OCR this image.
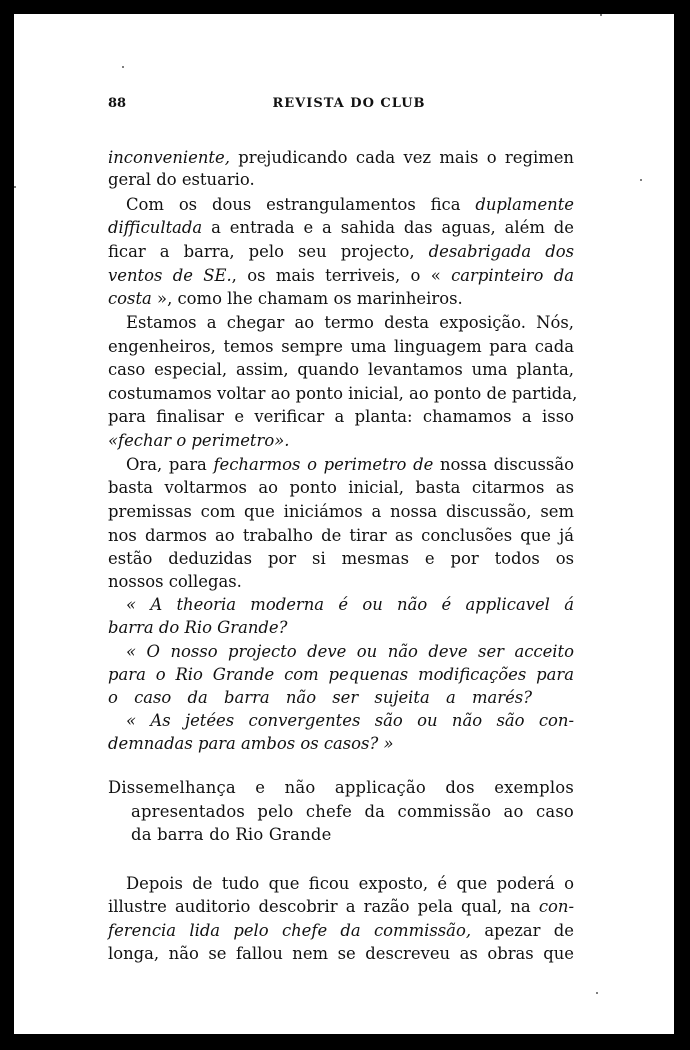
88	REVISTA DO CLUB
inconveniente, prejudicando cada vez mais o regimen
geral do estuario.
Com os dous estrangulamentos fica duplamente
difficultada a entrada e a sahida das aguas, além de
ficar a barra, pelo seu projecto, desabrigada dos
ventos de SE., os mais terriveis, o « carpinteiro da
costa », como lhe chamam os marinheiros.
Estamos a chegar ao termo desta exposição. Nós,
engenheiros, temos sempre uma linguagem para cada
caso especial, assim, quando levantamos uma planta,
costumamos voltar ao ponto inicial, ao ponto de partida,
para finalisar e verificar a planta: chamamos a isso
«fechar o perimetro».
Ora, para fecharmos o perimetro de nossa discussão
basta voltarmos ao ponto inicial, basta citarmos as
premissas com que iniciámos a nossa discussão, sem
nos darmos ao trabalho de tirar as conclusões que já
estão deduzidas por si mesmas e por todos os
nossos collegas.
« A theoria moderna é ou não é applicavel á
barra do Rio Grande?
« O nosso projecto deve ou não deve ser acceito
para o Rio Grande com pequenas modificações para
o caso da barra não ser sujeita a marés?
« As jetées convergentes são ou não são con-
demnadas para ambos os casos? »
Dissemelhança e não applicação dos exemplos
apresentados pelo chefe da commissão ao caso
da barra do Rio Grande
Depois de tudo que ficou exposto, é que poderá o
illustre auditorio descobrir a razão pela qual, na con-
ferencia lida pelo chefe da commissão, apezar de
longa, não se fallou nem se descreveu as obras que
